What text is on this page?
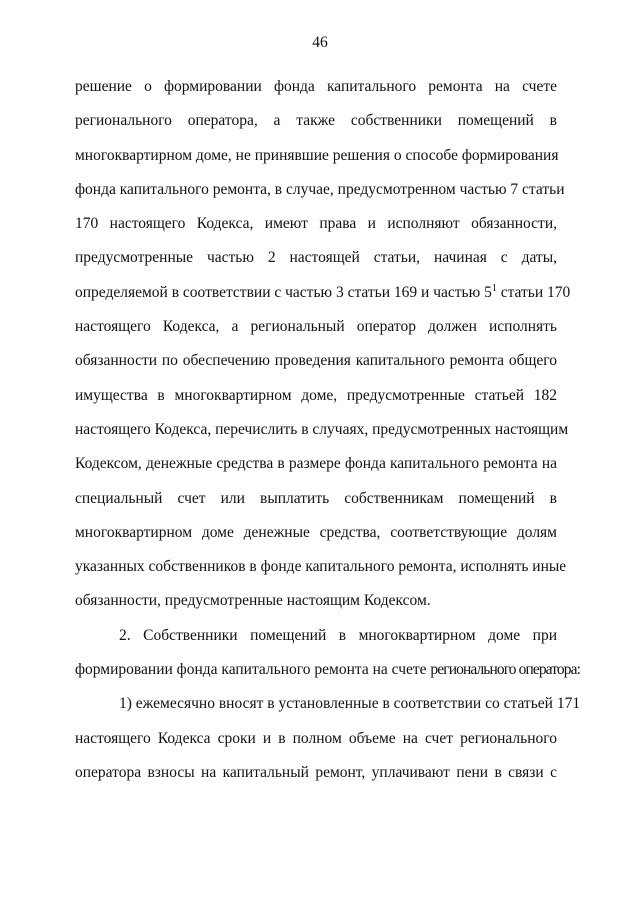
46
решение о формировании фонда капитального ремонта на счете
регионального оператора, а также собственники помещений в
многоквартирном доме, не принявшие решения о способе формирования
фонда капитального ремонта, в случае, предусмотренном частью 7 статьи
170 настоящего Кодекса, имеют права и исполняют обязанности,
предусмотренные частью 2 настоящей статьи, начиная с даты,
определяемой в соответствии с частью 3 статьи 169 и частью $5^1$ статьи 170
настоящего Кодекса, а региональный оператор должен исполнять
обязанности по обеспечению проведения капитального ремонта общего
имущества в многоквартирном доме, предусмотренные статьей 182
настоящего Кодекса, перечислить в случаях, предусмотренных настоящим
Кодексом, денежные средства в размере фонда капитального ремонта на
специальный счет или выплатить собственникам помещений в
многоквартирном доме денежные средства, соответствующие долям
указанных собственников в фонде капитального ремонта, исполнять иные
обязанности, предусмотренные настоящим Кодексом.
2. Собственники помещений в многоквартирном доме при
формировании фонда капитального ремонта на счете регионального оператора:
1) ежемесячно вносят в установленные в соответствии со статьей 171
настоящего Кодекса сроки и в полном объеме на счет регионального
оператора взносы на капитальный ремонт, уплачивают пени в связи с
